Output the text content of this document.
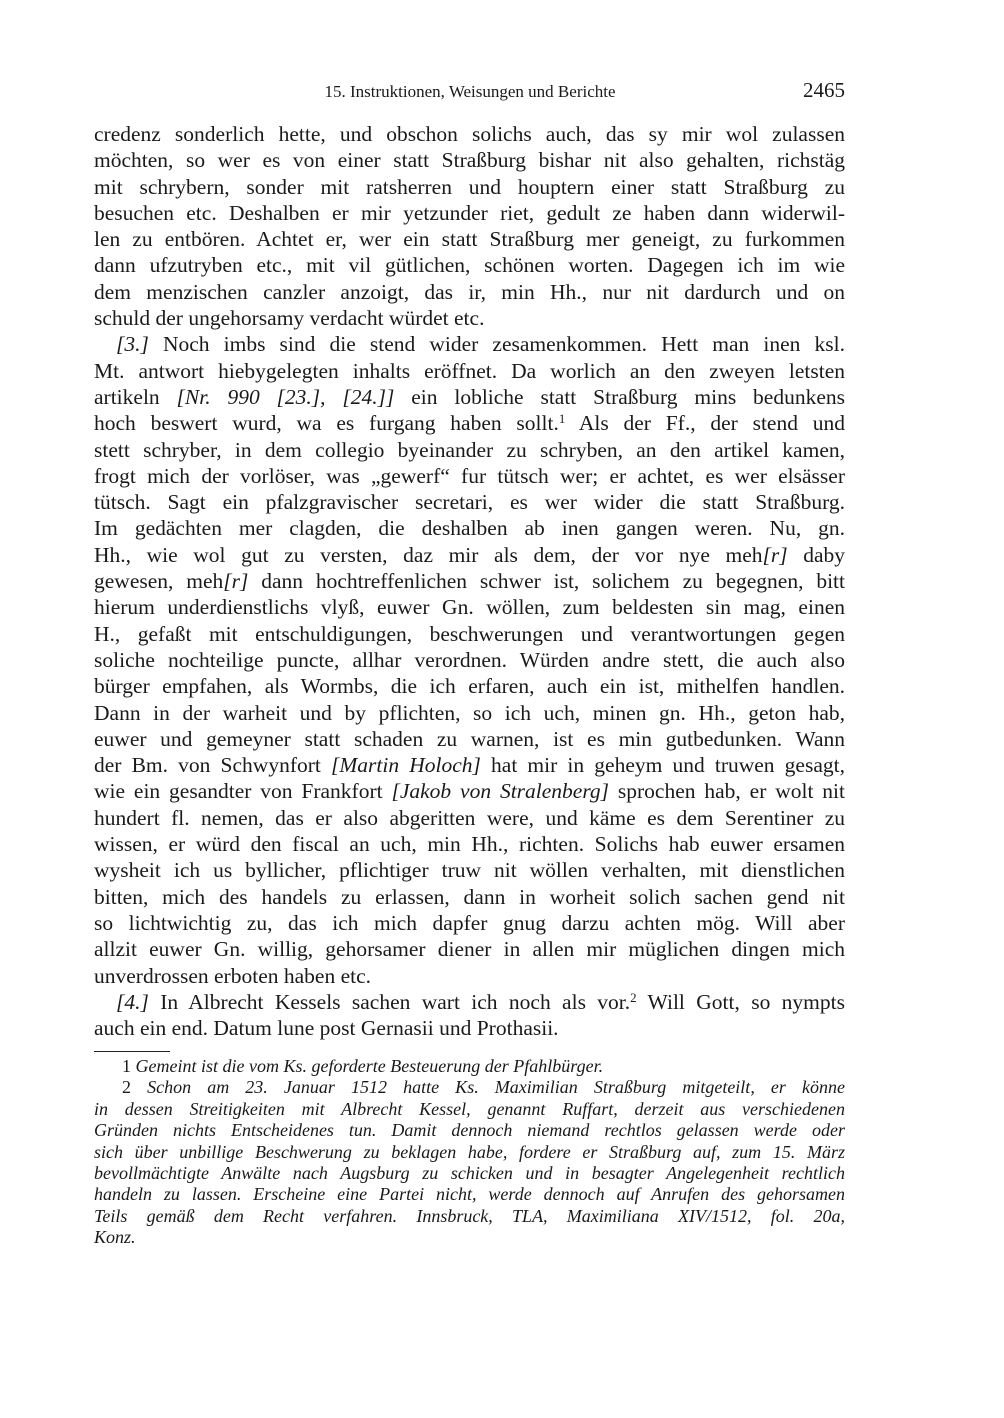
15. Instruktionen, Weisungen und Berichte	2465
credenz sonderlich hette, und obschon solichs auch, das sy mir wol zulassen
möchten, so wer es von einer statt Straßburg bishar nit also gehalten, richstäg
mit schrybern, sonder mit ratsherren und houptern einer statt Straßburg zu
besuchen etc. Deshalben er mir yetzunder riet, gedult ze haben dann widerwil-
len zu entbören. Achtet er, wer ein statt Straßburg mer geneigt, zu furkommen
dann ufzutryben etc., mit vil gütlichen, schönen worten. Dagegen ich im wie
dem menzischen canzler anzoigt, das ir, min Hh., nur nit dardurch und on
schuld der ungehorsamy verdacht würdet etc.
[3.] Noch imbs sind die stend wider zesamenkommen. Hett man inen ksl.
Mt. antwort hiebygelegten inhalts eröffnet. Da worlich an den zweyen letsten
artikeln [Nr. 990 [23.], [24.]] ein lobliche statt Straßburg mins bedunkens
hoch beswert wurd, wa es furgang haben sollt.$^1$ Als der Ff., der stend und
stett schryber, in dem collegio byeinander zu schryben, an den artikel kamen,
frogt mich der vorlöser, was „gewerf“ fur tütsch wer; er achtet, es wer elsässer
tütsch. Sagt ein pfalzgravischer secretari, es wer wider die statt Straßburg.
Im gedächten mer clagden, die deshalben ab inen gangen weren. Nu, gn.
Hh., wie wol gut zu versten, daz mir als dem, der vor nye meh[r] daby
gewesen, meh[r] dann hochtreffenlichen schwer ist, solichem zu begegnen, bitt
hierum underdienstlichs vlyß, euwer Gn. wöllen, zum beldesten sin mag, einen
H., gefaßt mit entschuldigungen, beschwerungen und verantwortungen gegen
soliche nochteilige puncte, allhar verordnen. Würden andre stett, die auch also
bürger empfahen, als Wormbs, die ich erfaren, auch ein ist, mithelfen handlen.
Dann in der warheit und by pflichten, so ich uch, minen gn. Hh., geton hab,
euwer und gemeyner statt schaden zu warnen, ist es min gutbedunken. Wann
der Bm. von Schwynfort [Martin Holoch] hat mir in geheym und truwen gesagt,
wie ein gesandter von Frankfort [Jakob von Stralenberg] sprochen hab, er wolt nit
hundert fl. nemen, das er also abgeritten were, und käme es dem Serentiner zu
wissen, er würd den fiscal an uch, min Hh., richten. Solichs hab euwer ersamen
wysheit ich us byllicher, pflichtiger truw nit wöllen verhalten, mit dienstlichen
bitten, mich des handels zu erlassen, dann in worheit solich sachen gend nit
so lichtwichtig zu, das ich mich dapfer gnug darzu achten mög. Will aber
allzit euwer Gn. willig, gehorsamer diener in allen mir müglichen dingen mich
unverdrossen erboten haben etc.
[4.] In Albrecht Kessels sachen wart ich noch als vor.$^2$ Will Gott, so nympts
auch ein end. Datum lune post Gernasii und Prothasii.
1 Gemeint ist die vom Ks. geforderte Besteuerung der Pfahlbürger.
2 Schon am 23. Januar 1512 hatte Ks. Maximilian Straßburg mitgeteilt, er könne
in dessen Streitigkeiten mit Albrecht Kessel, genannt Ruffart, derzeit aus verschiedenen
Gründen nichts Entscheidenes tun. Damit dennoch niemand rechtlos gelassen werde oder
sich über unbillige Beschwerung zu beklagen habe, fordere er Straßburg auf, zum 15. März
bevollmächtigte Anwälte nach Augsburg zu schicken und in besagter Angelegenheit rechtlich
handeln zu lassen. Erscheine eine Partei nicht, werde dennoch auf Anrufen des gehorsamen
Teils gemäß dem Recht verfahren. Innsbruck, TLA, Maximiliana XIV/1512, fol. 20a,
Konz.
